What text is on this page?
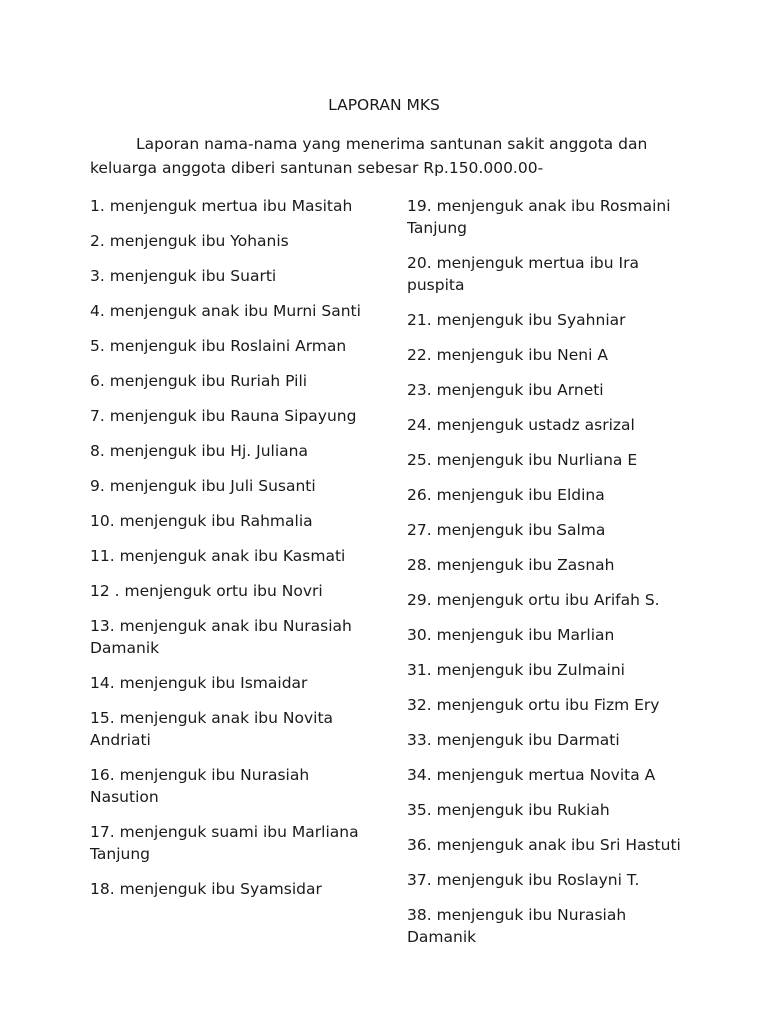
LAPORAN MKS
Laporan nama-nama yang menerima santunan sakit anggota dan keluarga anggota diberi santunan sebesar Rp.150.000.00-
1. menjenguk mertua ibu Masitah
2. menjenguk ibu Yohanis
3. menjenguk ibu Suarti
4. menjenguk anak ibu Murni Santi
5. menjenguk ibu Roslaini Arman
6. menjenguk ibu Ruriah Pili
7. menjenguk ibu Rauna Sipayung
8. menjenguk ibu Hj. Juliana
9. menjenguk ibu Juli Susanti
10. menjenguk ibu Rahmalia
11. menjenguk anak ibu Kasmati
12 . menjenguk ortu ibu Novri
13. menjenguk anak ibu Nurasiah Damanik
14. menjenguk ibu Ismaidar
15. menjenguk anak ibu Novita Andriati
16. menjenguk ibu Nurasiah Nasution
17. menjenguk suami ibu Marliana Tanjung
18. menjenguk ibu Syamsidar
19. menjenguk anak ibu Rosmaini Tanjung
20. menjenguk mertua ibu Ira puspita
21. menjenguk ibu Syahniar
22. menjenguk ibu Neni A
23. menjenguk ibu Arneti
24. menjenguk ustadz asrizal
25. menjenguk ibu Nurliana E
26. menjenguk ibu Eldina
27. menjenguk ibu Salma
28. menjenguk ibu Zasnah
29. menjenguk ortu ibu Arifah S.
30. menjenguk ibu Marlian
31. menjenguk ibu Zulmaini
32. menjenguk ortu ibu Fizm Ery
33. menjenguk ibu Darmati
34. menjenguk mertua Novita A
35. menjenguk ibu Rukiah
36. menjenguk anak ibu Sri Hastuti
37. menjenguk ibu Roslayni T.
38. menjenguk ibu Nurasiah Damanik
